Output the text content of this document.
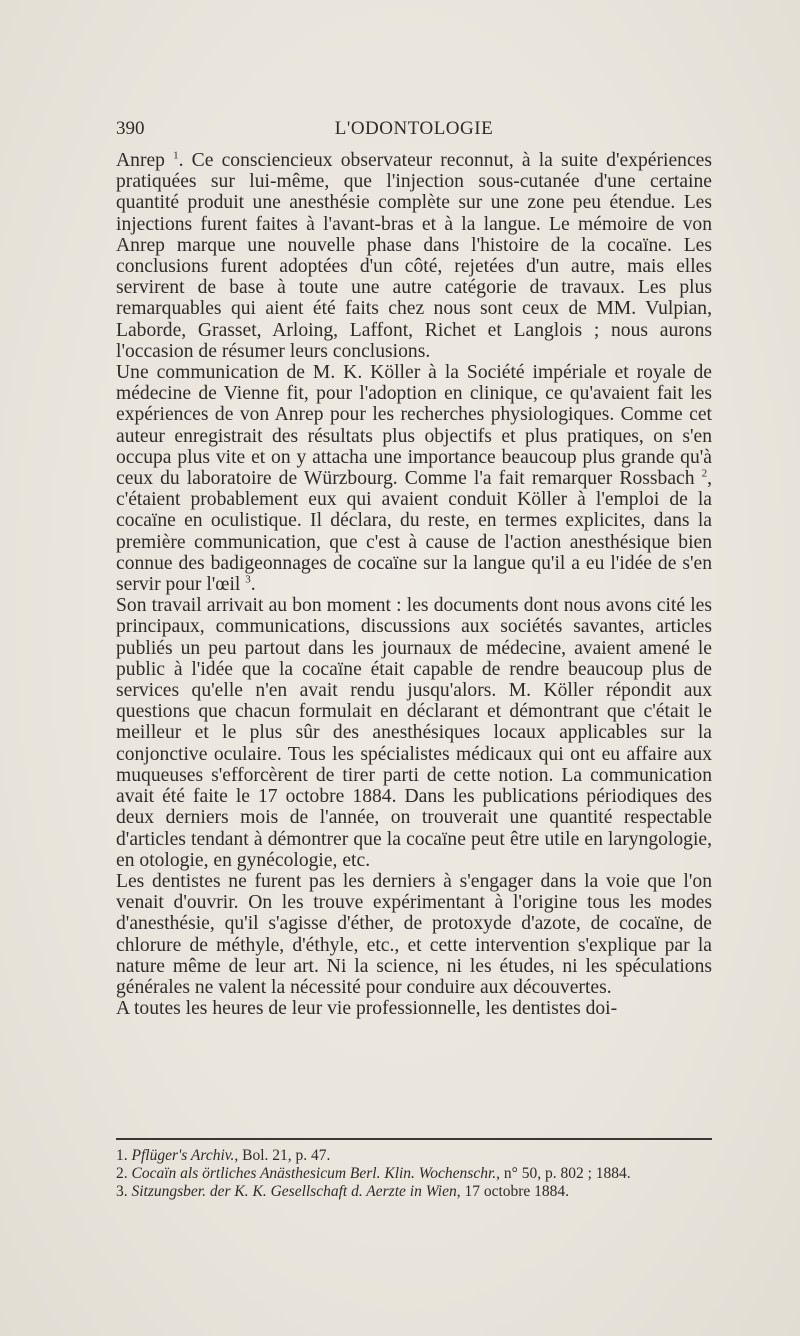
390	L'ODONTOLOGIE

Anrep $^1$. Ce consciencieux observateur reconnut, à la suite d'expériences pratiquées sur lui-même, que l'injection sous-cutanée d'une certaine quantité produit une anesthésie complète sur une zone peu étendue. Les injections furent faites à l'avant-bras et à la langue. Le mémoire de von Anrep marque une nouvelle phase dans l'histoire de la cocaïne. Les conclusions furent adoptées d'un côté, rejetées d'un autre, mais elles servirent de base à toute une autre catégorie de travaux. Les plus remarquables qui aient été faits chez nous sont ceux de MM. Vulpian, Laborde, Grasset, Arloing, Laffont, Richet et Langlois ; nous aurons l'occasion de résumer leurs conclusions.

Une communication de M. K. Köller à la Société impériale et royale de médecine de Vienne fit, pour l'adoption en clinique, ce qu'avaient fait les expériences de von Anrep pour les recherches physiologiques. Comme cet auteur enregistrait des résultats plus objectifs et plus pratiques, on s'en occupa plus vite et on y attacha une importance beaucoup plus grande qu'à ceux du laboratoire de Würzbourg. Comme l'a fait remarquer Rossbach $^2$, c'étaient probablement eux qui avaient conduit Köller à l'emploi de la cocaïne en oculistique. Il déclara, du reste, en termes explicites, dans la première communication, que c'est à cause de l'action anesthésique bien connue des badigeonnages de cocaïne sur la langue qu'il a eu l'idée de s'en servir pour l'œil $^3$.

Son travail arrivait au bon moment : les documents dont nous avons cité les principaux, communications, discussions aux sociétés savantes, articles publiés un peu partout dans les journaux de médecine, avaient amené le public à l'idée que la cocaïne était capable de rendre beaucoup plus de services qu'elle n'en avait rendu jusqu'alors. M. Köller répondit aux questions que chacun formulait en déclarant et démontrant que c'était le meilleur et le plus sûr des anesthésiques locaux applicables sur la conjonctive oculaire. Tous les spécialistes médicaux qui ont eu affaire aux muqueuses s'efforcèrent de tirer parti de cette notion. La communication avait été faite le 17 octobre 1884. Dans les publications périodiques des deux derniers mois de l'année, on trouverait une quantité respectable d'articles tendant à démontrer que la cocaïne peut être utile en laryngologie, en otologie, en gynécologie, etc.

Les dentistes ne furent pas les derniers à s'engager dans la voie que l'on venait d'ouvrir. On les trouve expérimentant à l'origine tous les modes d'anesthésie, qu'il s'agisse d'éther, de protoxyde d'azote, de cocaïne, de chlorure de méthyle, d'éthyle, etc., et cette intervention s'explique par la nature même de leur art. Ni la science, ni les études, ni les spéculations générales ne valent la nécessité pour conduire aux découvertes.

A toutes les heures de leur vie professionnelle, les dentistes doi-

1. Pflüger's Archiv., Bol. 21, p. 47.
2. Cocaïn als örtliches Anästhesicum Berl. Klin. Wochenschr., n° 50, p. 802 ; 1884.
3. Sitzungsber. der K. K. Gesellschaft d. Aerzte in Wien, 17 octobre 1884.
